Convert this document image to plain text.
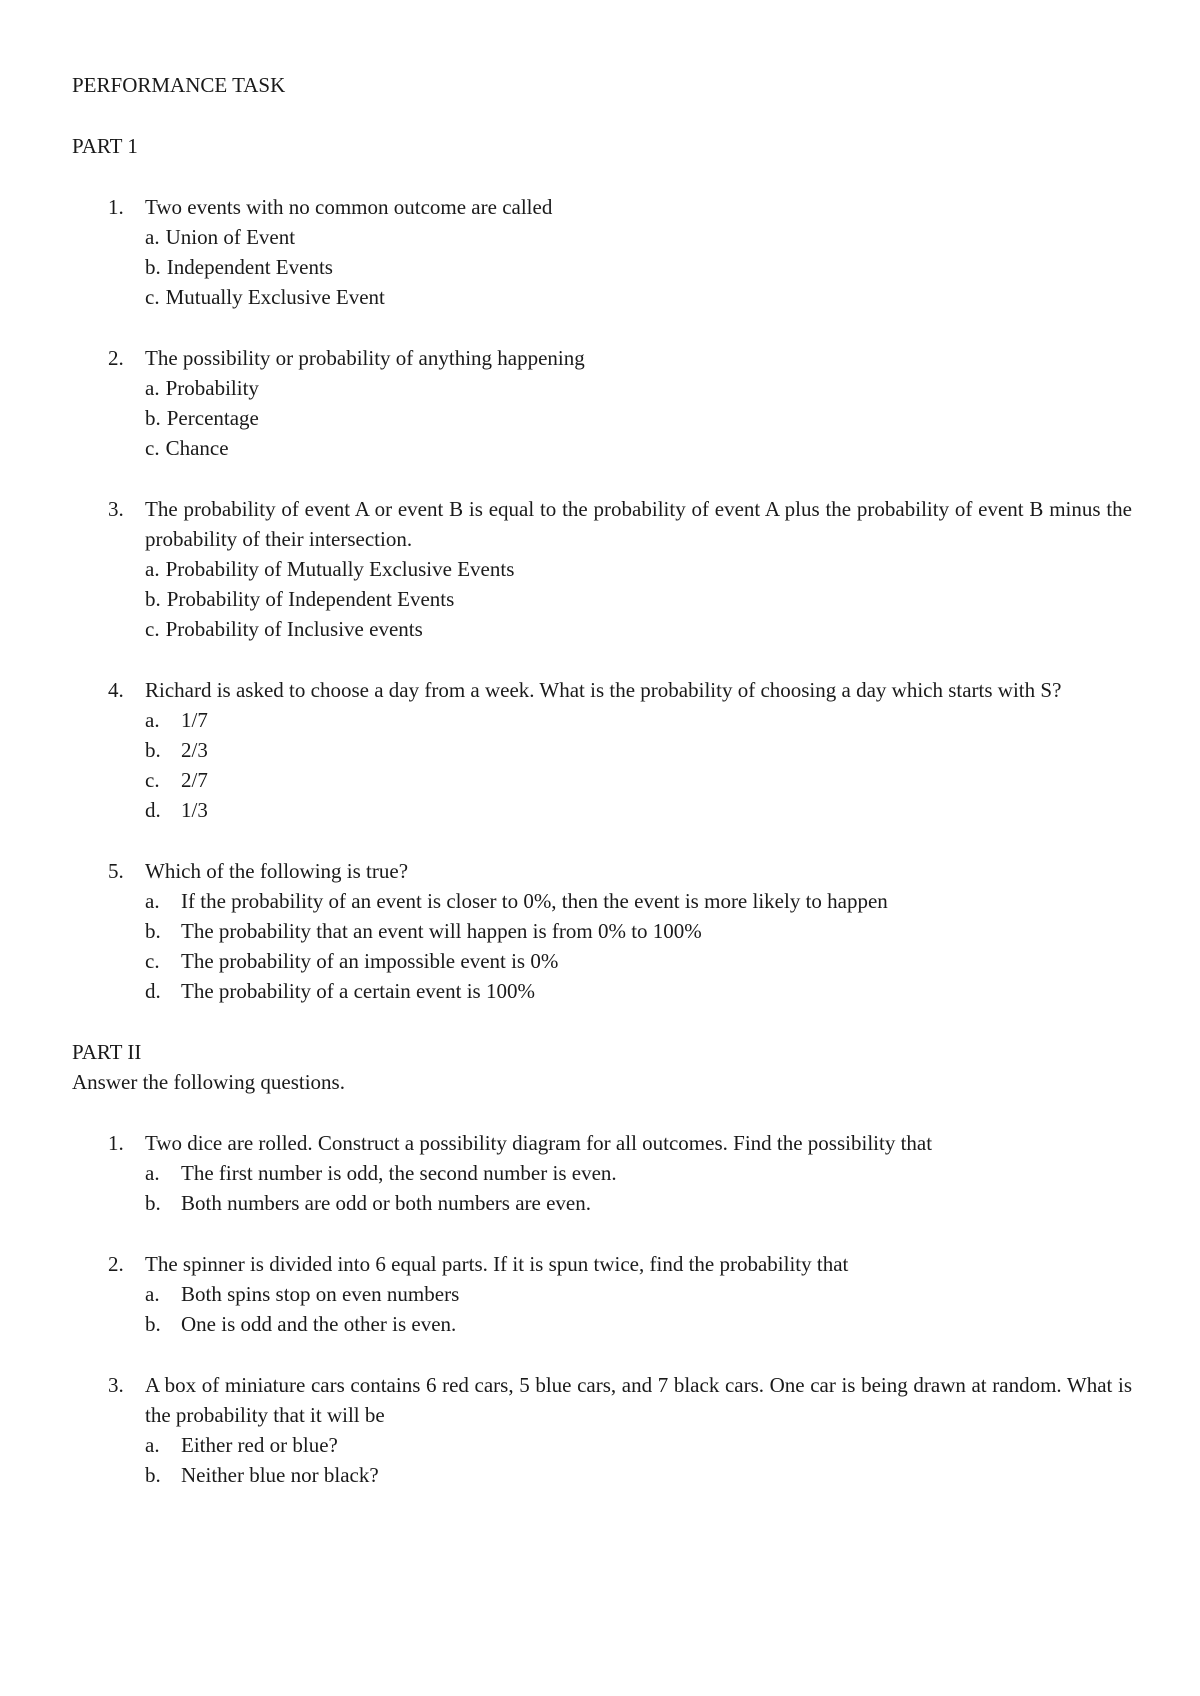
PERFORMANCE TASK
PART 1
1. Two events with no common outcome are called
a. Union of Event
b. Independent Events
c. Mutually Exclusive Event
2. The possibility or probability of anything happening
a. Probability
b. Percentage
c. Chance
3. The probability of event A or event B is equal to the probability of event A plus the probability of event B minus the probability of their intersection.
a. Probability of Mutually Exclusive Events
b. Probability of Independent Events
c. Probability of Inclusive events
4. Richard is asked to choose a day from a week. What is the probability of choosing a day which starts with S?
a. 1/7
b. 2/3
c. 2/7
d. 1/3
5. Which of the following is true?
a. If the probability of an event is closer to 0%, then the event is more likely to happen
b. The probability that an event will happen is from 0% to 100%
c. The probability of an impossible event is 0%
d. The probability of a certain event is 100%
PART II
Answer the following questions.
1. Two dice are rolled. Construct a possibility diagram for all outcomes. Find the possibility that
a. The first number is odd, the second number is even.
b. Both numbers are odd or both numbers are even.
2. The spinner is divided into 6 equal parts. If it is spun twice, find the probability that
a. Both spins stop on even numbers
b. One is odd and the other is even.
3. A box of miniature cars contains 6 red cars, 5 blue cars, and 7 black cars. One car is being drawn at random. What is the probability that it will be
a. Either red or blue?
b. Neither blue nor black?
